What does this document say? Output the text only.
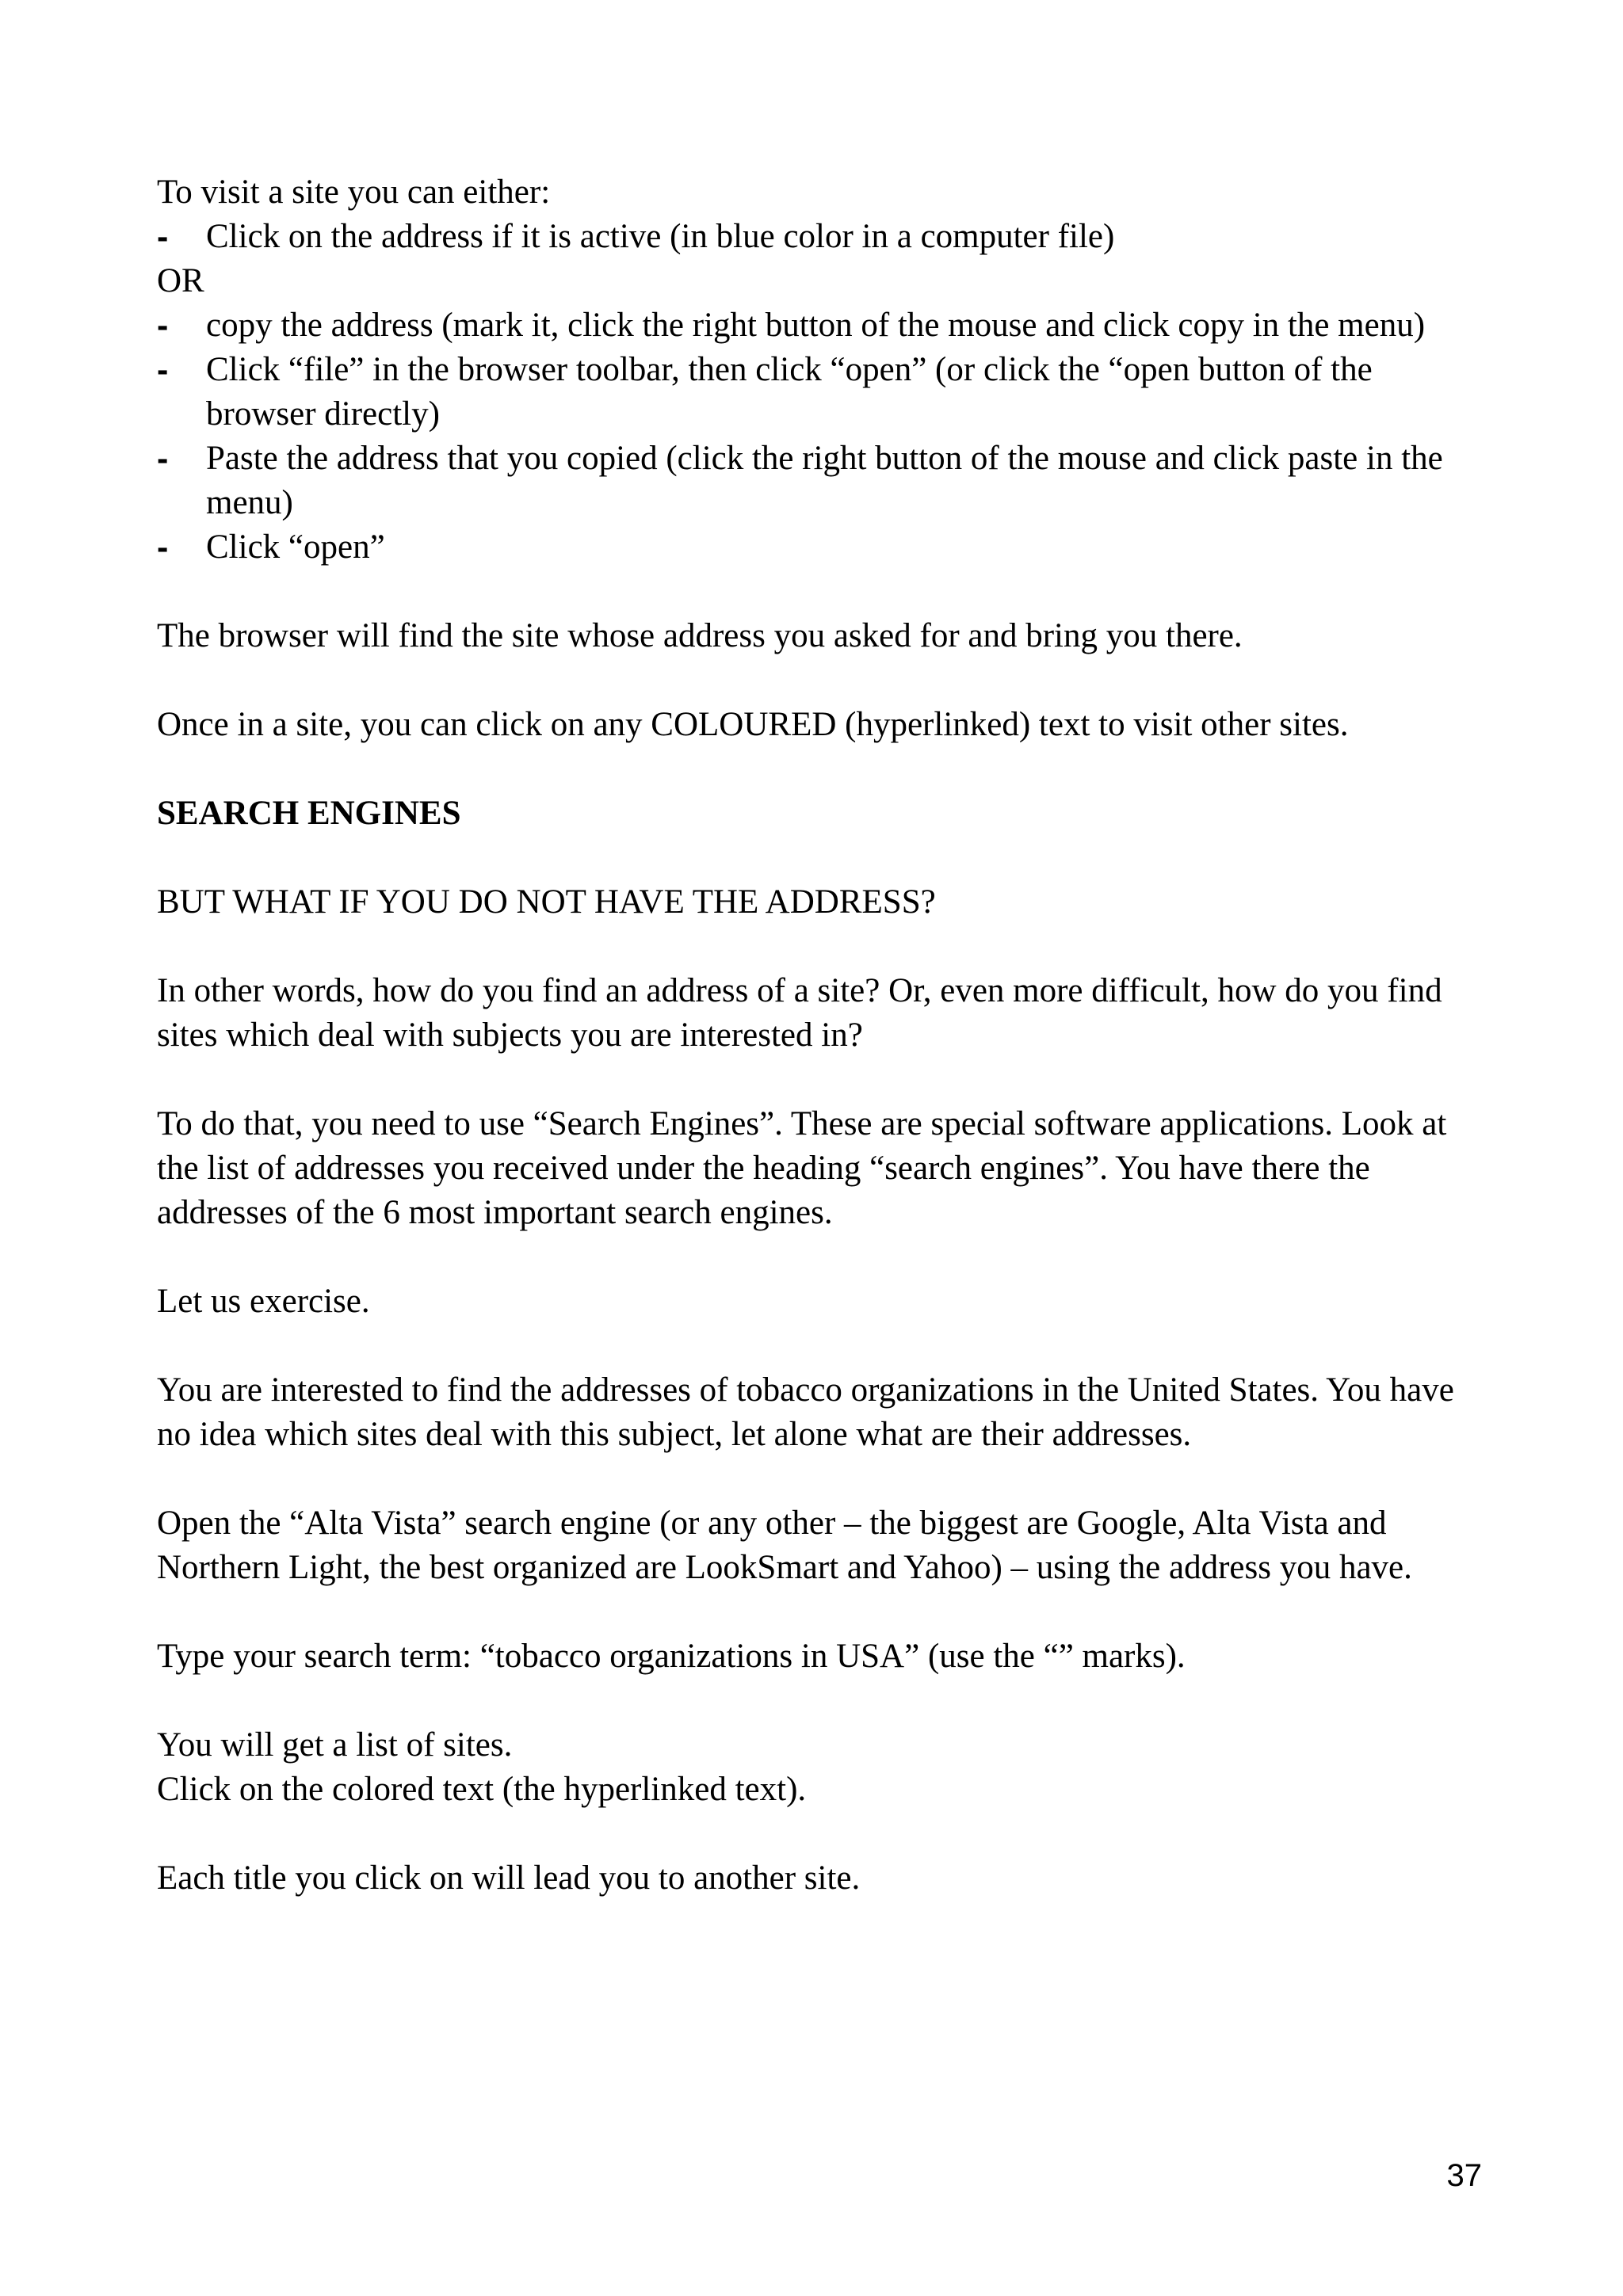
To visit a site you can either:

- Click on the address if it is active (in blue color in a computer file)

OR

- copy the address (mark it, click the right button of the mouse and click copy in the menu)
- Click “file” in the browser toolbar, then click “open” (or click the “open button of the browser directly)
- Paste the address that you copied (click the right button of the mouse and click paste in the menu)
- Click “open”

The browser will find the site whose address you asked for and bring you there.

Once in a site, you can click on any COLOURED (hyperlinked) text to visit other sites.

SEARCH ENGINES

BUT WHAT IF YOU DO NOT HAVE THE ADDRESS?

In other words, how do you find an address of a site? Or, even more difficult, how do you find sites which deal with subjects you are interested in?

To do that, you need to use “Search Engines”. These are special software applications. Look at the list of addresses you received under the heading “search engines”. You have there the addresses of the 6 most important search engines.

Let us exercise.

You are interested to find the addresses of tobacco organizations in the United States. You have no idea which sites deal with this subject, let alone what are their addresses.

Open the “Alta Vista” search engine (or any other – the biggest are Google, Alta Vista and Northern Light, the best organized are LookSmart and Yahoo) – using the address you have.

Type your search term: “tobacco organizations in USA” (use the “” marks).

You will get a list of sites.

Click on the colored text (the hyperlinked text).

Each title you click on will lead you to another site.

37
